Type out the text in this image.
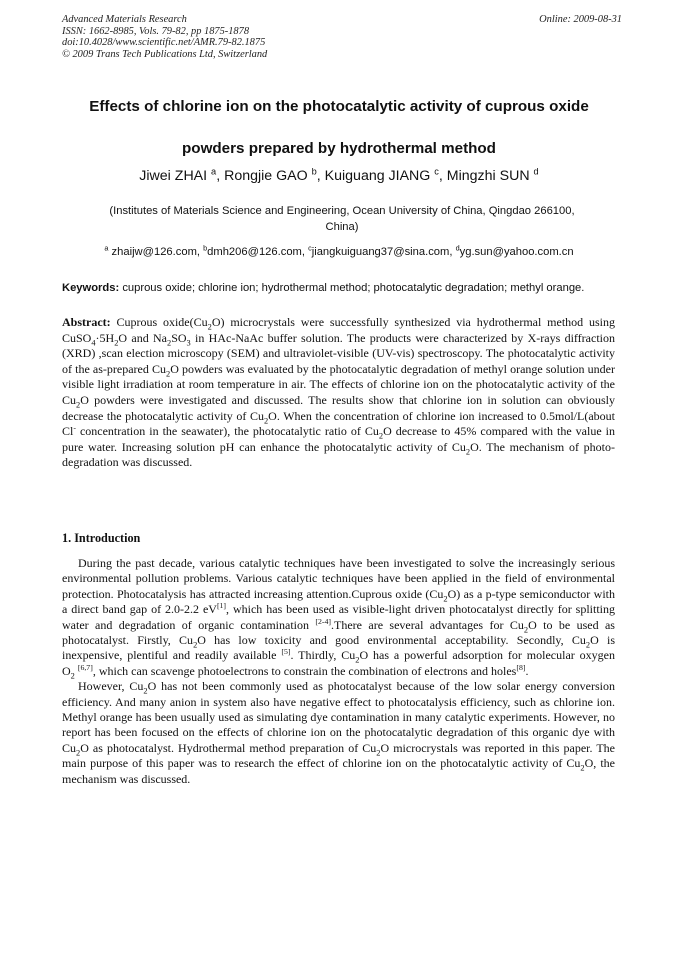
Advanced Materials Research
ISSN: 1662-8985, Vols. 79-82, pp 1875-1878
doi:10.4028/www.scientific.net/AMR.79-82.1875
© 2009 Trans Tech Publications Ltd, Switzerland
Online: 2009-08-31
Effects of chlorine ion on the photocatalytic activity of cuprous oxide
powders prepared by hydrothermal method
Jiwei ZHAI $^a$, Rongjie GAO $^b$, Kuiguang JIANG $^c$, Mingzhi SUN $^d$
(Institutes of Materials Science and Engineering, Ocean University of China, Qingdao 266100,
China)
$^a$ zhaijw@126.com, $^b$dmh206@126.com, $^c$jiangkuiguang37@sina.com, $^d$yg.sun@yahoo.com.cn
Keywords: cuprous oxide; chlorine ion; hydrothermal method; photocatalytic degradation; methyl orange.
Abstract: Cuprous $oxide(Cu_2O)$ microcrystals were successfully synthesized via hydrothermal method using $CuSO_4\cdot 5H_2O$ and $Na_2SO_3$ in HAc-NaAc buffer solution. The products were characterized by X-rays diffraction (XRD) ,scan election microscopy (SEM) and ultraviolet-visible (UV-vis) spectroscopy. The photocatalytic activity of the as-prepared $Cu_2O$ powders was evaluated by the photocatalytic degradation of methyl orange solution under visible light irradiation at room temperature in air. The effects of chlorine ion on the photocatalytic activity of the $Cu_2O$ powders were investigated and discussed. The results show that chlorine ion in solution can obviously decrease the photocatalytic activity of $Cu_2O$. When the concentration of chlorine ion increased to 0.5mol/L(about Cl- concentration in the seawater), the photocatalytic ratio of $Cu_2O$ decrease to 45% compared with the value in pure water. Increasing solution pH can enhance the photocatalytic activity of $Cu_2O$. The mechanism of photo-degradation was discussed.
1. Introduction

During the past decade, various catalytic techniques have been investigated to solve the increasingly serious environmental pollution problems. Various catalytic techniques have been applied in the field of environmental protection. Photocatalysis has attracted increasing attention.Cuprous oxide $(Cu_2O)$ as a p-type semiconductor with a direct band gap of 2.0-2.2 eV[1], which has been used as visible-light driven photocatalyst directly for splitting water and degradation of organic contamination [2-4].There are several advantages for $Cu_2O$ to be used as photocatalyst. Firstly, $Cu_2O$ has low toxicity and good environmental acceptability. Secondly, $Cu_2O$ is inexpensive, plentiful and readily available [5]. Thirdly, $Cu_2O$ has a powerful adsorption for molecular oxygen $O_2$ [6,7], which can scavenge photoelectrons to constrain the combination of electrons and holes[8].

However, $Cu_2O$ has not been commonly used as photocatalyst because of the low solar energy conversion efficiency. And many anion in system also have negative effect to photocatalysis efficiency, such as chlorine ion. Methyl orange has been usually used as simulating dye contamination in many catalytic experiments. However, no report has been focused on the effects of chlorine ion on the photocatalytic degradation of this organic dye with $Cu_2O$ as photocatalyst. Hydrothermal method preparation of $Cu_2O$ microcrystals was reported in this paper. The main purpose of this paper was to research the effect of chlorine ion on the photocatalytic activity of $Cu_2O$, the mechanism was discussed.
